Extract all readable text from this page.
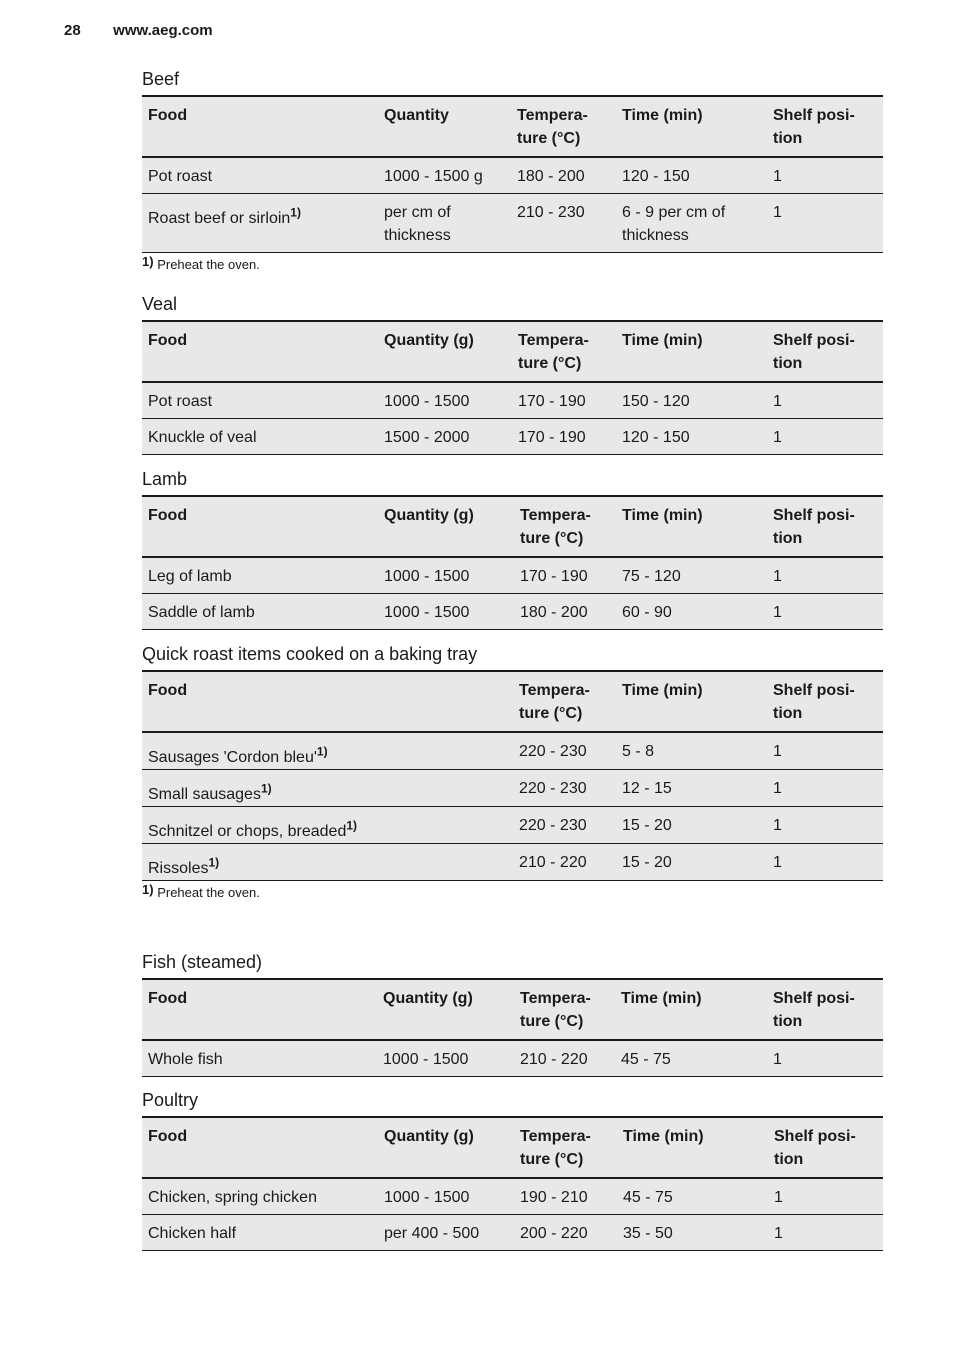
28 www.aeg.com
Beef
Food	Quantity	Tempera-ture (°C)	Time (min)	Shelf posi-tion
Pot roast	1000 - 1500 g	180 - 200	120 - 150	1
Roast beef or sirloin$^{1)}$	per cm of thickness	210 - 230	6 - 9 per cm of thickness	1
1) Preheat the oven.
Veal
Food	Quantity (g)	Tempera-ture (°C)	Time (min)	Shelf posi-tion
Pot roast	1000 - 1500	170 - 190	150 - 120	1
Knuckle of veal	1500 - 2000	170 - 190	120 - 150	1
Lamb
Food	Quantity (g)	Tempera-ture (°C)	Time (min)	Shelf posi-tion
Leg of lamb	1000 - 1500	170 - 190	75 - 120	1
Saddle of lamb	1000 - 1500	180 - 200	60 - 90	1
Quick roast items cooked on a baking tray
Food	Tempera-ture (°C)	Time (min)	Shelf posi-tion
Sausages 'Cordon $bleu'^{1)}$	220 - 230	5 - 8	1
Small sausages$^{1)}$	220 - 230	12 - 15	1
Schnitzel or chops, breaded$^{1)}$	220 - 230	15 - 20	1
Rissoles$^{1)}$	210 - 220	15 - 20	1
1) Preheat the oven.
Fish (steamed)
Food	Quantity (g)	Tempera-ture (°C)	Time (min)	Shelf posi-tion
Whole fish	1000 - 1500	210 - 220	45 - 75	1
Poultry
Food	Quantity (g)	Tempera-ture (°C)	Time (min)	Shelf posi-tion
Chicken, spring chicken	1000 - 1500	190 - 210	45 - 75	1
Chicken half	per 400 - 500	200 - 220	35 - 50	1
